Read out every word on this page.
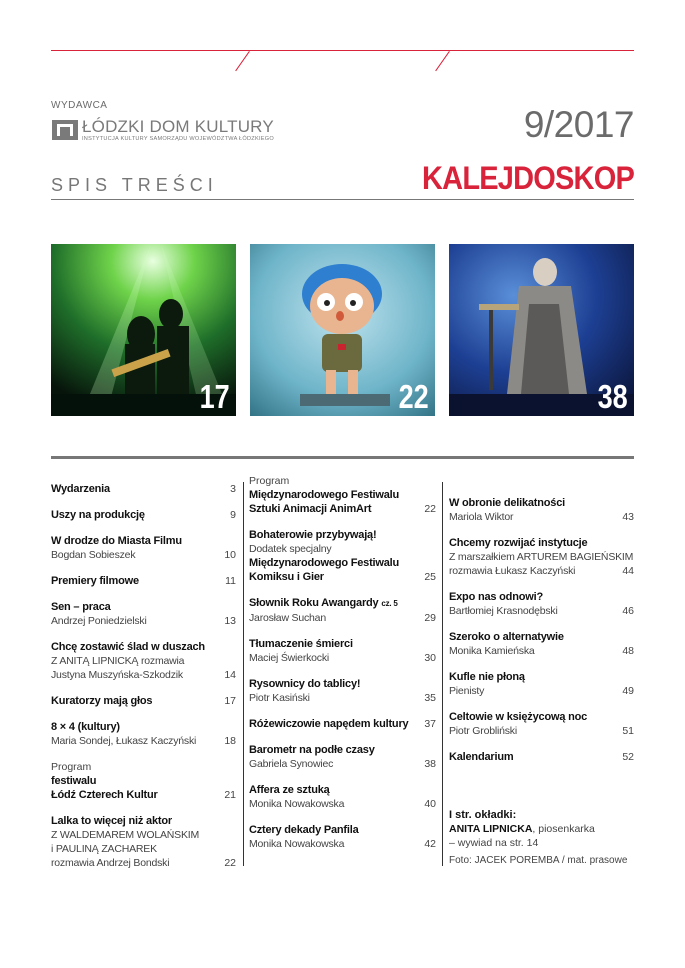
WYDAWCA
ŁÓDZKI DOM KULTURY
INSTYTUCJA KULTURY SAMORZĄDU WOJEWÓDZTWA ŁÓDZKIEGO	9/2017
SPIS TREŚCI	KALEJDOSKOP
17	22	38
Wydarzenia	3
Uszy na produkcję	9
W drodze do Miasta Filmu
Bogdan Sobieszek	10
Premiery filmowe	11
Sen – praca
Andrzej Poniedzielski	13
Chcę zostawić ślad w duszach
Z ANITĄ LIPNICKĄ rozmawia
Justyna Muszyńska-Szkodzik	14
Kuratorzy mają głos	17
8 × 4 (kultury)
Maria Sondej, Łukasz Kaczyński	18
Program
festiwalu
Łódź Czterech Kultur	21
Lalka to więcej niż aktor
Z WALDEMAREM WOLAŃSKIM
i PAULINĄ ZACHAREK
rozmawia Andrzej Bondski	22
Program
Międzynarodowego Festiwalu
Sztuki Animacji AnimArt	22
Bohaterowie przybywają!
Dodatek specjalny
Międzynarodowego Festiwalu
Komiksu i Gier	25
Słownik Roku Awangardy cz. 5
Jarosław Suchan	29
Tłumaczenie śmierci
Maciej Świerkocki	30
Rysownicy do tablicy!
Piotr Kasiński	35
Różewiczowie napędem kultury	37
Barometr na podłe czasy
Gabriela Synowiec	38
Affera ze sztuką
Monika Nowakowska	40
Cztery dekady Panfila
Monika Nowakowska	42
W obronie delikatności
Mariola Wiktor	43
Chcemy rozwijać instytucje
Z marszałkiem ARTUREM BAGIEŃSKIM
rozmawia Łukasz Kaczyński	44
Expo nas odnowi?
Bartłomiej Krasnodębski	46
Szeroko o alternatywie
Monika Kamieńska	48
Kufle nie płoną
Pienisty	49
Celtowie w księżycową noc
Piotr Grobliński	51
Kalendarium	52
I str. okładki:
ANITA LIPNICKA, piosenkarka
– wywiad na str. 14
Foto: JACEK POREMBA / mat. prasowe
